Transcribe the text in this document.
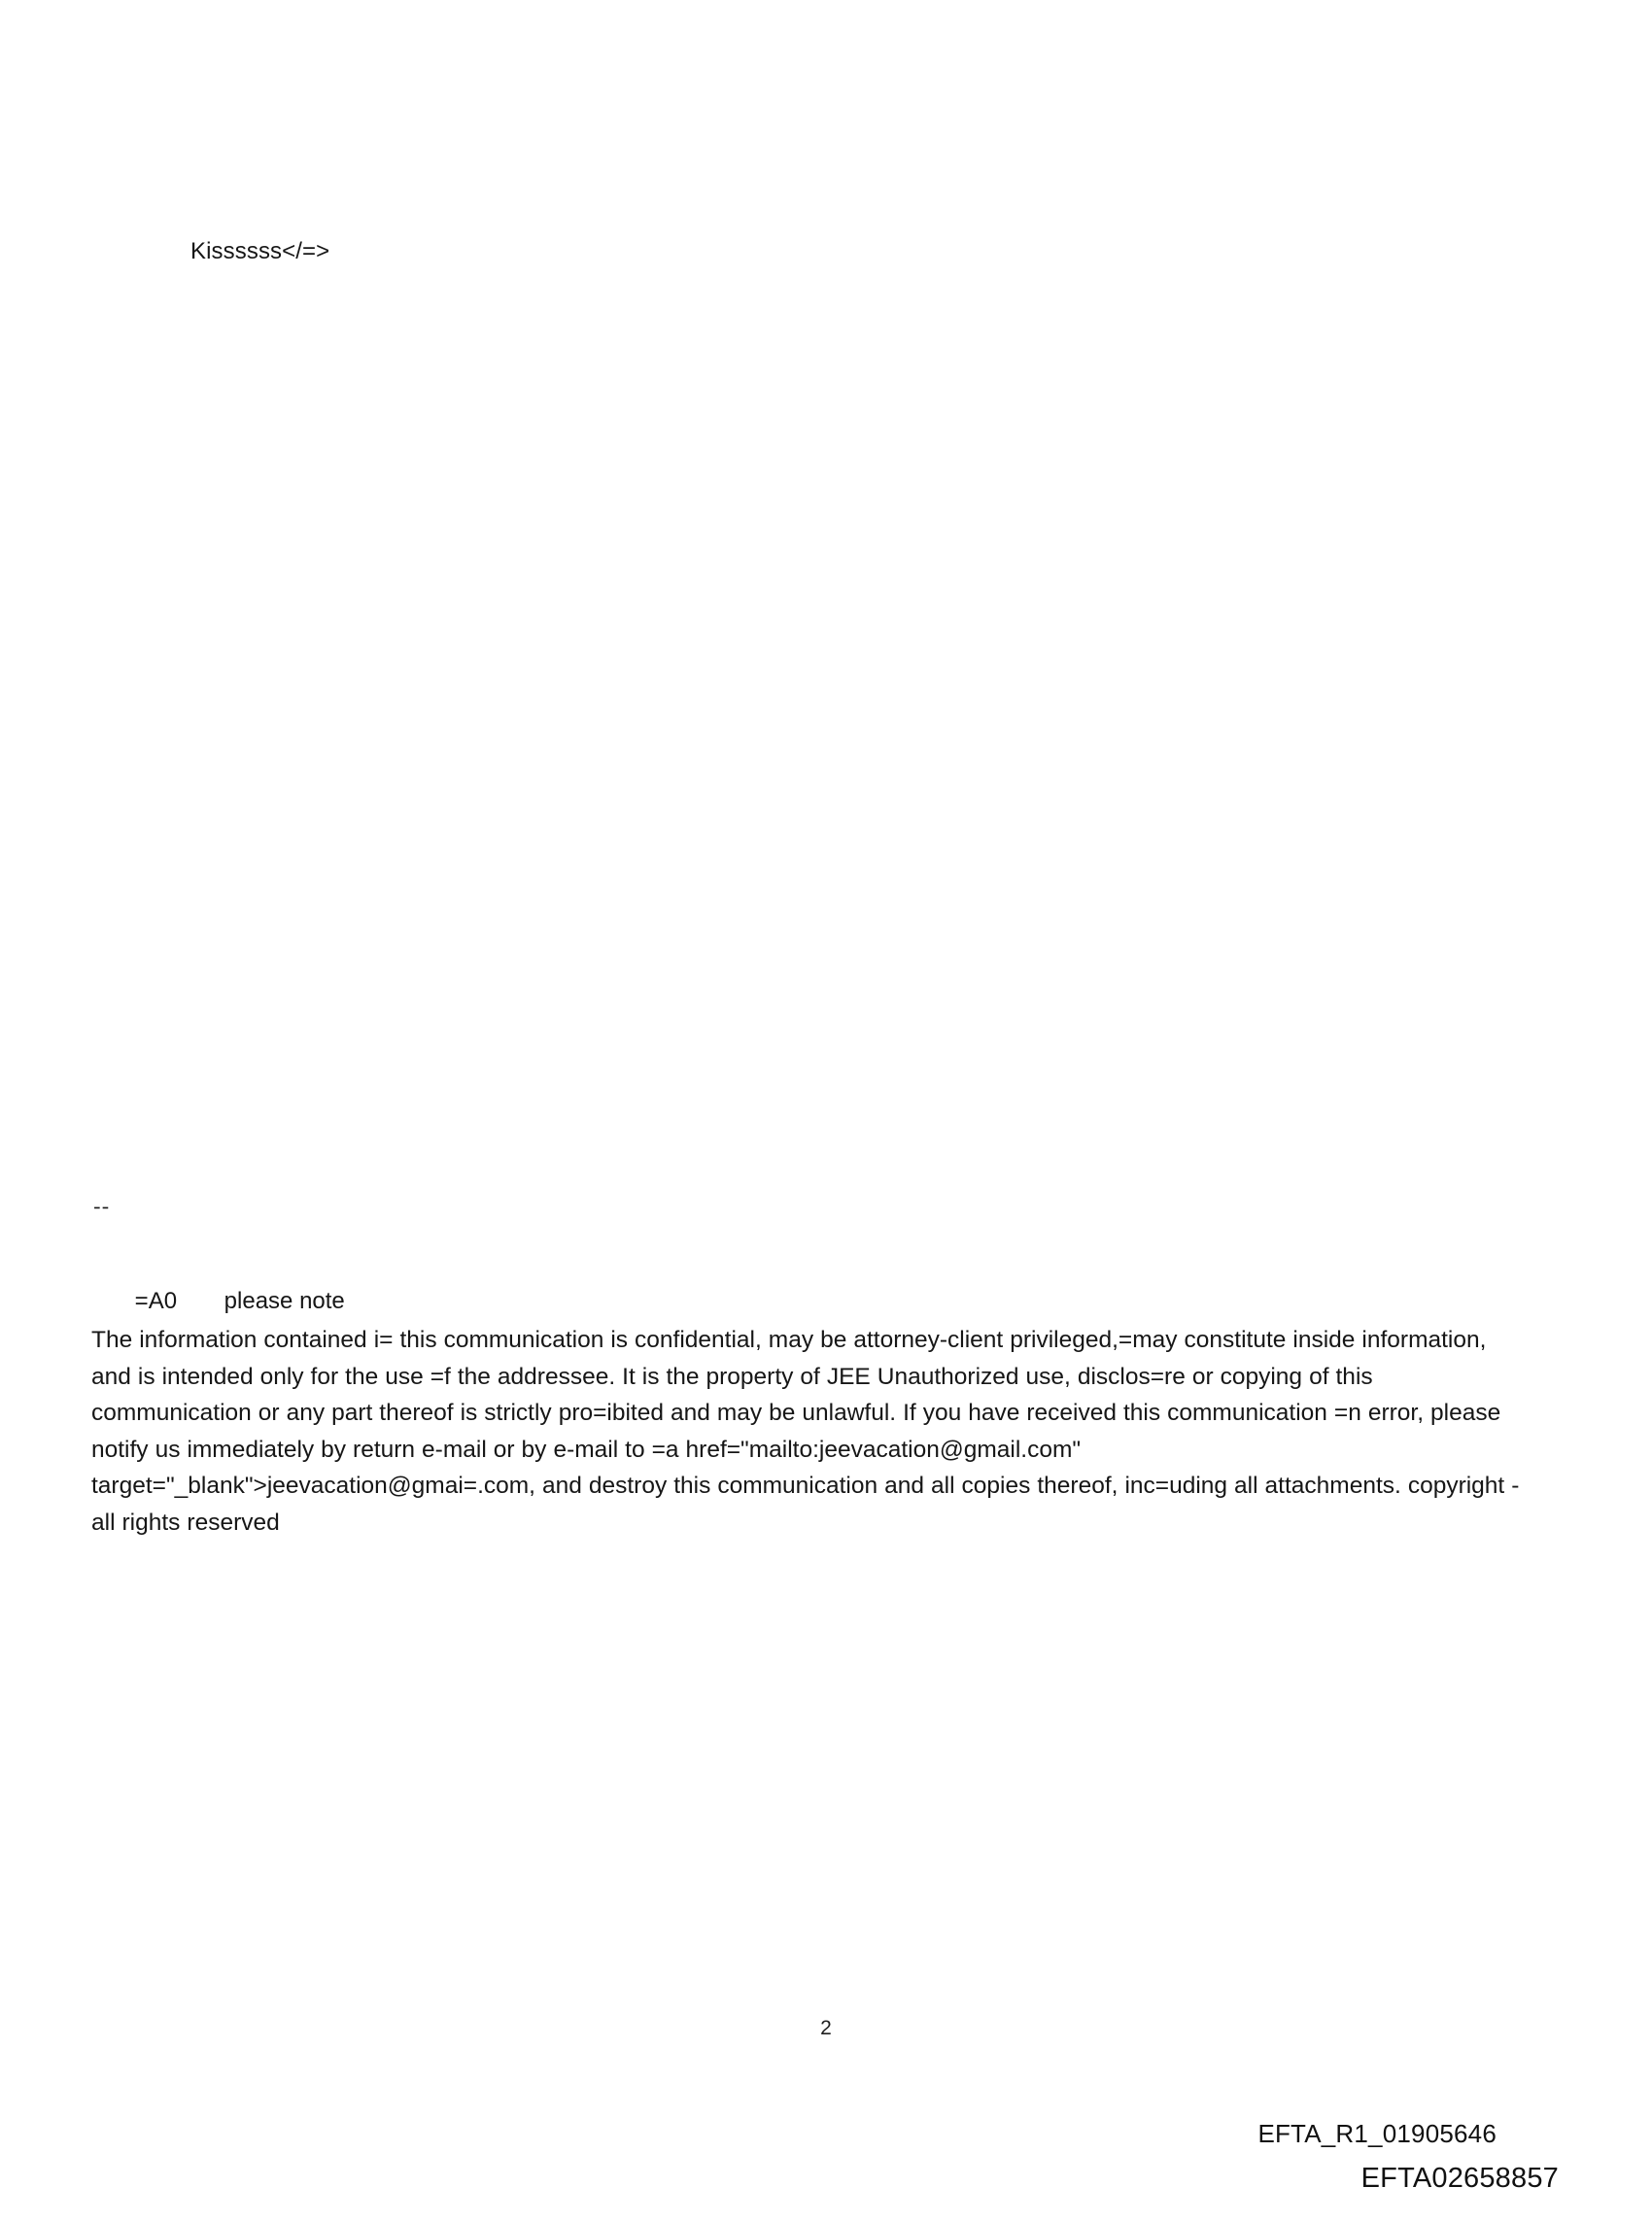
Kissssss</=>
--

=A0 please note

The information contained i= this communication is confidential, may be attorney-client privileged,=may constitute inside information, and is intended only for the use =f the addressee. It is the property of JEE Unauthorized use, disclos=re or copying of this communication or any part thereof is strictly pro=ibited and may be unlawful. If you have received this communication =n error, please notify us immediately by return e-mail or by e-mail to =a href="mailto:jeevacation@gmail.com" target="_blank">jeevacation@gmai=.com, and destroy this communication and all copies thereof, inc=uding all attachments. copyright -all rights reserved
2
EFTA_R1_01905646
EFTA02658857
